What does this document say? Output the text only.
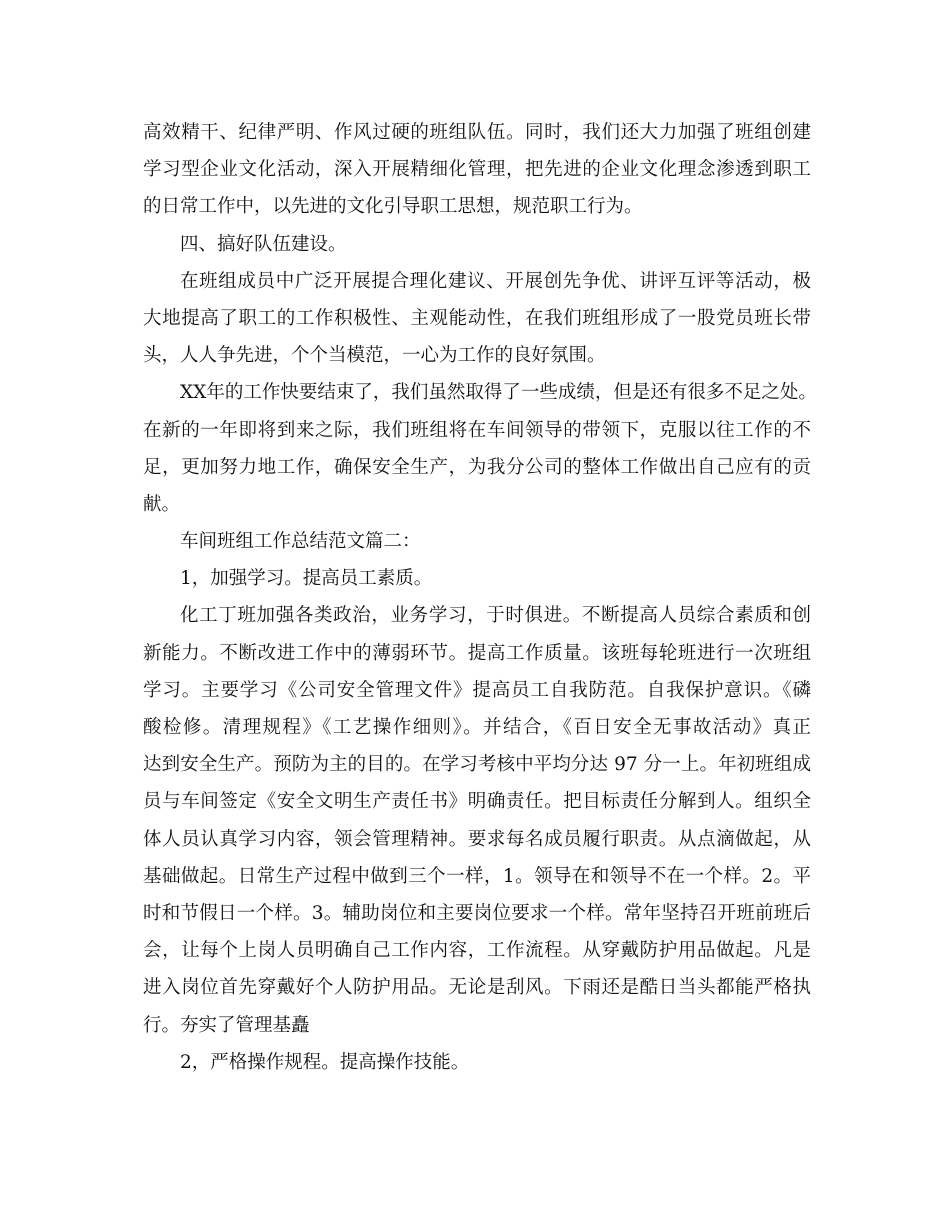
高效精干、纪律严明、作风过硬的班组队伍。同时，我们还大力加强了班组创建
学习型企业文化活动，深入开展精细化管理，把先进的企业文化理念渗透到职工
的日常工作中，以先进的文化引导职工思想，规范职工行为。
四、搞好队伍建设。
在班组成员中广泛开展提合理化建议、开展创先争优、讲评互评等活动，极
大地提高了职工的工作积极性、主观能动性，在我们班组形成了一股党员班长带
头，人人争先进，个个当模范，一心为工作的良好氛围。
XX年的工作快要结束了，我们虽然取得了一些成绩，但是还有很多不足之处。
在新的一年即将到来之际，我们班组将在车间领导的带领下，克服以往工作的不
足，更加努力地工作，确保安全生产，为我分公司的整体工作做出自己应有的贡
献。
车间班组工作总结范文篇二：
1，加强学习。提高员工素质。
化工丁班加强各类政治，业务学习，于时俱进。不断提高人员综合素质和创
新能力。不断改进工作中的薄弱环节。提高工作质量。该班每轮班进行一次班组
学习。主要学习《公司安全管理文件》提高员工自我防范。自我保护意识。《磷
酸检修。清理规程》《工艺操作细则》。并结合，《百日安全无事故活动》真正
达到安全生产。预防为主的目的。在学习考核中平均分达 97 分一上。年初班组成
员与车间签定《安全文明生产责任书》明确责任。把目标责任分解到人。组织全
体人员认真学习内容，领会管理精神。要求每名成员履行职责。从点滴做起，从
基础做起。日常生产过程中做到三个一样，1。领导在和领导不在一个样。2。平
时和节假日一个样。3。辅助岗位和主要岗位要求一个样。常年坚持召开班前班后
会，让每个上岗人员明确自己工作内容，工作流程。从穿戴防护用品做起。凡是
进入岗位首先穿戴好个人防护用品。无论是刮风。下雨还是酷日当头都能严格执
行。夯实了管理基矗
2，严格操作规程。提高操作技能。
